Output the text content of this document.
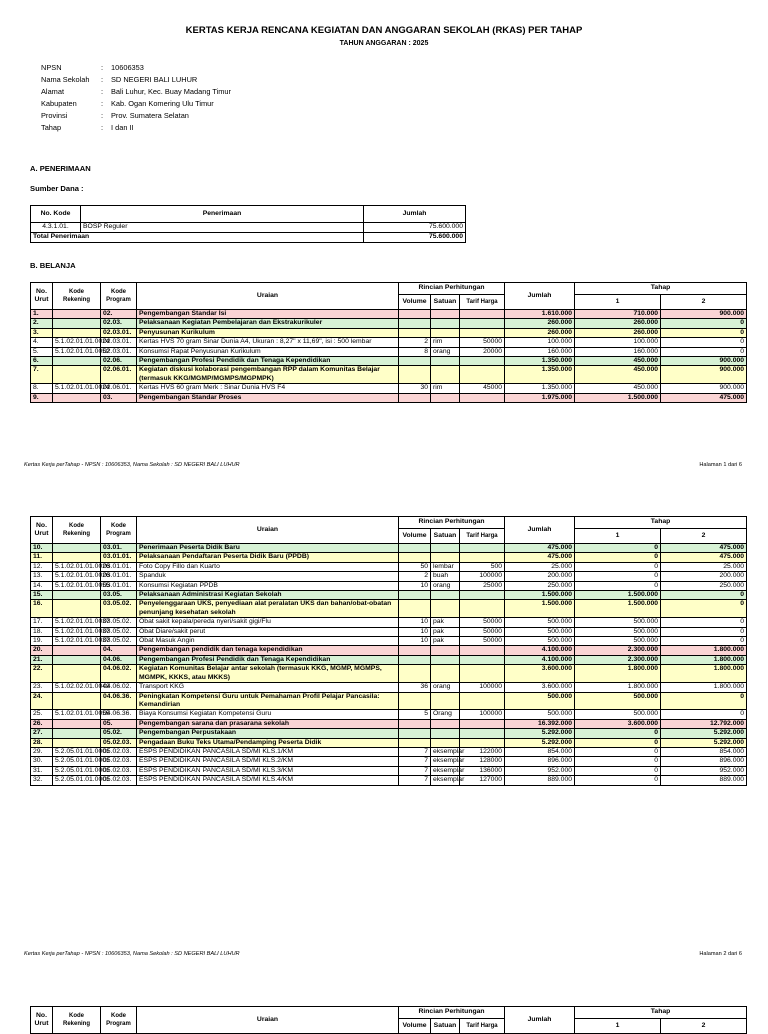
KERTAS KERJA RENCANA KEGIATAN DAN ANGGARAN SEKOLAH (RKAS) PER TAHAP
TAHUN ANGGARAN : 2025
NPSN	:	10606353
Nama Sekolah	:	SD NEGERI BALI LUHUR
Alamat	:	Bali Luhur, Kec. Buay Madang Timur
Kabupaten	:	Kab. Ogan Komering Ulu Timur
Provinsi	:	Prov. Sumatera Selatan
Tahap	:	I dan II
A. PENERIMAAN
Sumber Dana :
No. Kode	Penerimaan	Jumlah
4.3.1.01.	BOSP Reguler	75.600.000
Total Penerimaan		75.600.000
B. BELANJA
No. Urut	Kode Rekening	Kode Program	Uraian	Rincian Perhitungan			Jumlah	Tahap	
				Volume	Satuan	Tarif Harga		1	2
1.		02.	Pengembangan Standar Isi				1.610.000	710.000	900.000
2.		02.03.	Pelaksanaan Kegiatan Pembelajaran dan Ekstrakurikuler				260.000	260.000	0
3.		02.03.01.	Penyusunan Kurikulum				260.000	260.000	0
4.	5.1.02.01.01.0024	02.03.01.	Kertas HVS 70 gram Sinar Dunia A4, Ukuran : 8,27" x 11,69", isi : 500 lembar	2	rim	50000	100.000	100.000	0
5.	5.1.02.01.01.0052	02.03.01.	Konsumsi Rapat Penyusunan Kurikulum	8	orang	20000	160.000	160.000	0
6.		02.06.	Pengembangan Profesi Pendidik dan Tenaga Kependidikan				1.350.000	450.000	900.000
7.		02.06.01.	Kegiatan diskusi kolaborasi pengembangan RPP dalam Komunitas Belajar (termasuk KKG/MGMP/MGMPS/MGPMPK)				1.350.000	450.000	900.000
8.	5.1.02.01.01.0024	02.06.01.	Kertas HVS 60 gram Merk : Sinar Dunia HVS F4	30	rim	45000	1.350.000	450.000	900.000
9.		03.	Pengembangan Standar Proses				1.975.000	1.500.000	475.000
Kertas Kerja perTahap - NPSN : 10606353, Nama Sekolah : SD NEGERI BALI LUHUR	Halaman 1 dari 6
No. Urut	Kode Rekening	Kode Program	Uraian	Rincian Perhitungan			Jumlah	Tahap	
				Volume	Satuan	Tarif Harga		1	2
10.		03.01.	Penerimaan Peserta Didik Baru				475.000	0	475.000
11.		03.01.01.	Pelaksanaan Pendaftaran Peserta Didik Baru (PPDB)				475.000	0	475.000
12.	5.1.02.01.01.0026	03.01.01.	Foto Copy Fillo dan Kuarto	50	lembar	500	25.000	0	25.000
13.	5.1.02.01.01.0026	03.01.01.	Spanduk	2	buah	100000	200.000	0	200.000
14.	5.1.02.01.01.0055	03.01.01.	Konsumsi Kegiatan PPDB	10	orang	25000	250.000	0	250.000
15.		03.05.	Pelaksanaan Administrasi Kegiatan Sekolah				1.500.000	1.500.000	0
16.		03.05.02.	Penyelenggaraan UKS, penyediaan alat peralatan UKS dan bahan/obat-obatan penunjang kesehatan sekolah				1.500.000	1.500.000	0
17.	5.1.02.01.01.0037	03.05.02.	Obat sakit kepala/pereda nyeri/sakit gigi/Flu	10	pak	50000	500.000	500.000	0
18.	5.1.02.01.01.0037	03.05.02.	Obat Diare/sakit perut	10	pak	50000	500.000	500.000	0
19.	5.1.02.01.01.0037	03.05.02.	Obat Masuk Angin	10	pak	50000	500.000	500.000	0
20.		04.	Pengembangan pendidik dan tenaga kependidikan				4.100.000	2.300.000	1.800.000
21.		04.06.	Pengembangan Profesi Pendidik dan Tenaga Kependidikan				4.100.000	2.300.000	1.800.000
22.		04.06.02.	Kegiatan Komunitas Belajar antar sekolah (termasuk KKG, MGMP, MGMPS, MGMPK, KKKS, atau MKKS)				3.600.000	1.800.000	1.800.000
23.	5.1.02.02.01.0042	04.06.02.	Transport KKG	36	orang	100000	3.600.000	1.800.000	1.800.000
24.		04.06.36.	Peningkatan Kompetensi Guru untuk Pemahaman Profil Pelajar Pancasila: Kemandirian				500.000	500.000	0
25.	5.1.02.01.01.0055	04.06.36.	Biaya Konsumsi Kegiatan Kompetensi Guru	5	Orang	100000	500.000	500.000	0
26.		05.	Pengembangan sarana dan prasarana sekolah				16.392.000	3.600.000	12.792.000
27.		05.02.	Pengembangan Perpustakaan				5.292.000	0	5.292.000
28.		05.02.03.	Pengadaan Buku Teks Utama/Pendamping Peserta Didik				5.292.000	0	5.292.000
29.	5.2.05.01.01.0001	05.02.03.	ESPS PENDIDIKAN PANCASILA SD/MI KLS.1/KM	7	eksemplar	122000	854.000	0	854.000
30.	5.2.05.01.01.0001	05.02.03.	ESPS PENDIDIKAN PANCASILA SD/MI KLS.2/KM	7	eksemplar	128000	896.000	0	896.000
31.	5.2.05.01.01.0001	05.02.03.	ESPS PENDIDIKAN PANCASILA SD/MI KLS.3/KM	7	eksemplar	136000	952.000	0	952.000
32.	5.2.05.01.01.0001	05.02.03.	ESPS PENDIDIKAN PANCASILA SD/MI KLS.4/KM	7	eksemplar	127000	889.000	0	889.000
Kertas Kerja perTahap - NPSN : 10606353, Nama Sekolah : SD NEGERI BALI LUHUR	Halaman 2 dari 6
No. Urut	Kode Rekening	Kode Program	Uraian	Rincian Perhitungan			Jumlah	Tahap	
				Volume	Satuan	Tarif Harga		1	2
